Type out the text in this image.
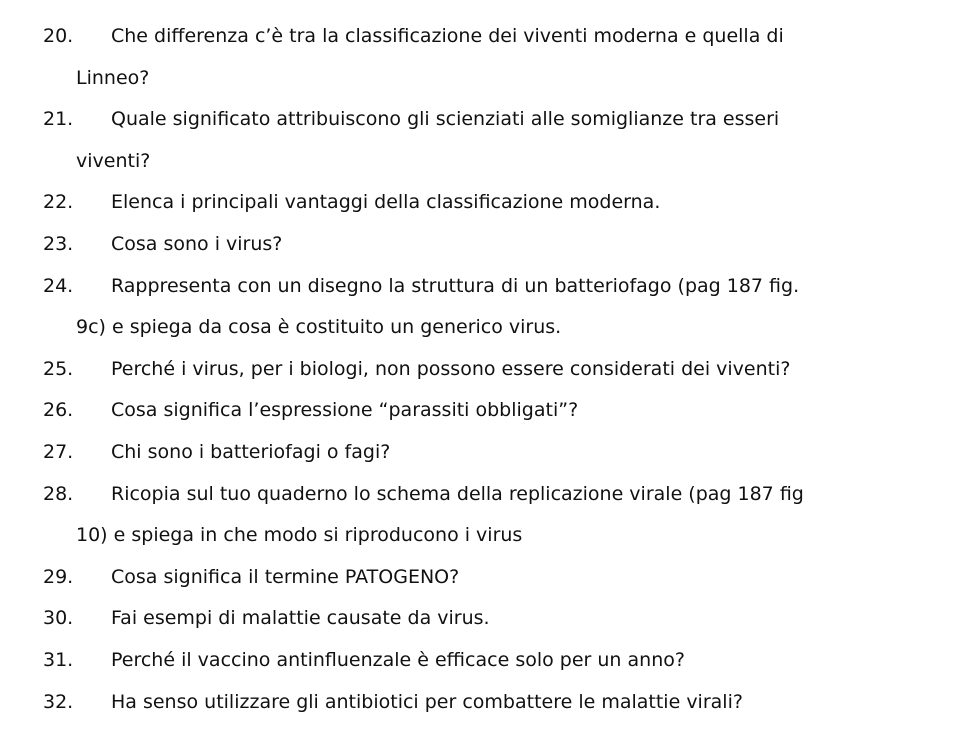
20. Che differenza c’è tra la classificazione dei viventi moderna e quella di
Linneo?
21. Quale significato attribuiscono gli scienziati alle somiglianze tra esseri
viventi?
22. Elenca i principali vantaggi della classificazione moderna.
23. Cosa sono i virus?
24. Rappresenta con un disegno la struttura di un batteriofago (pag 187 fig.
9c) e spiega da cosa è costituito un generico virus.
25. Perché i virus, per i biologi, non possono essere considerati dei viventi?
26. Cosa significa l’espressione “parassiti obbligati”?
27. Chi sono i batteriofagi o fagi?
28. Ricopia sul tuo quaderno lo schema della replicazione virale (pag 187 fig
10) e spiega in che modo si riproducono i virus
29. Cosa significa il termine PATOGENO?
30. Fai esempi di malattie causate da virus.
31. Perché il vaccino antinfluenzale è efficace solo per un anno?
32. Ha senso utilizzare gli antibiotici per combattere le malattie virali?
